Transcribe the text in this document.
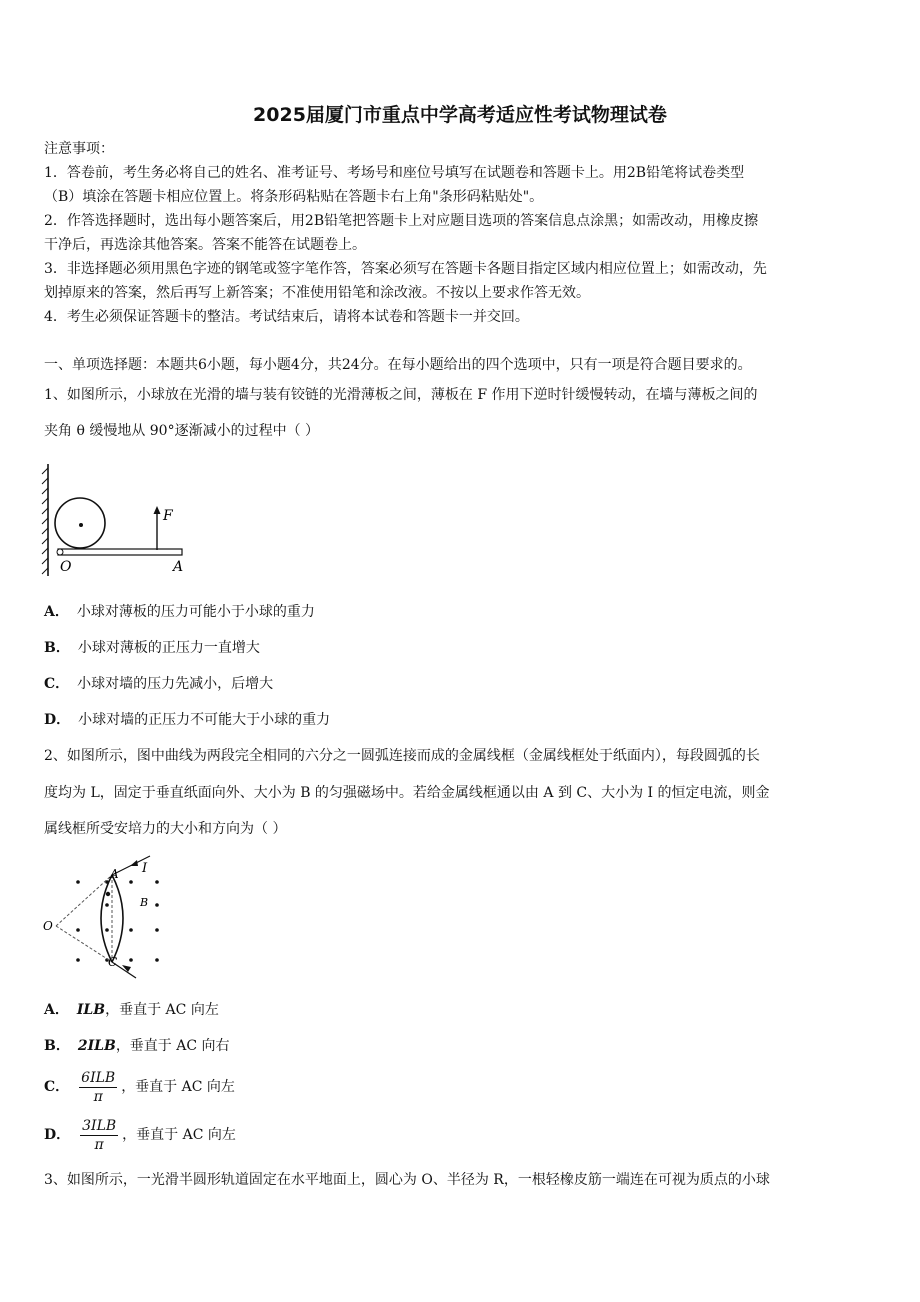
2025届厦门市重点中学高考适应性考试物理试卷
注意事项：
1．答卷前，考生务必将自己的姓名、准考证号、考场号和座位号填写在试题卷和答题卡上。用2B铅笔将试卷类型
（B）填涂在答题卡相应位置上。将条形码粘贴在答题卡右上角"条形码粘贴处"。
2．作答选择题时，选出每小题答案后，用2B铅笔把答题卡上对应题目选项的答案信息点涂黑；如需改动，用橡皮擦
干净后，再选涂其他答案。答案不能答在试题卷上。
3．非选择题必须用黑色字迹的钢笔或签字笔作答，答案必须写在答题卡各题目指定区域内相应位置上；如需改动，先
划掉原来的答案，然后再写上新答案；不准使用铅笔和涂改液。不按以上要求作答无效。
4．考生必须保证答题卡的整洁。考试结束后，请将本试卷和答题卡一并交回。
一、单项选择题：本题共6小题，每小题4分，共24分。在每小题给出的四个选项中，只有一项是符合题目要求的。
1、如图所示，小球放在光滑的墙与装有铰链的光滑薄板之间，薄板在 F 作用下逆时针缓慢转动，在墙与薄板之间的
夹角 θ 缓慢地从 90°逐渐减小的过程中（ ）
F
O	A
A． 小球对薄板的压力可能小于小球的重力
B． 小球对薄板的正压力一直增大
C． 小球对墙的压力先减小，后增大
D． 小球对墙的正压力不可能大于小球的重力
2、如图所示，图中曲线为两段完全相同的六分之一圆弧连接而成的金属线框（金属线框处于纸面内），每段圆弧的长
度均为 L，固定于垂直纸面向外、大小为 B 的匀强磁场中。若给金属线框通以由 A 到 C、大小为 I 的恒定电流，则金
属线框所受安培力的大小和方向为（ ）
A
B
C
O
I
A． ILB，垂直于 AC 向左
B． 2ILB，垂直于 AC 向右
C． $\frac{\text{6ILB}}{\pi}$ ，垂直于 AC 向左
D． $\frac{\text{3ILB}}{\pi}$ ，垂直于 AC 向左
3、如图所示，一光滑半圆形轨道固定在水平地面上，圆心为 O、半径为 R，一根轻橡皮筋一端连在可视为质点的小球
